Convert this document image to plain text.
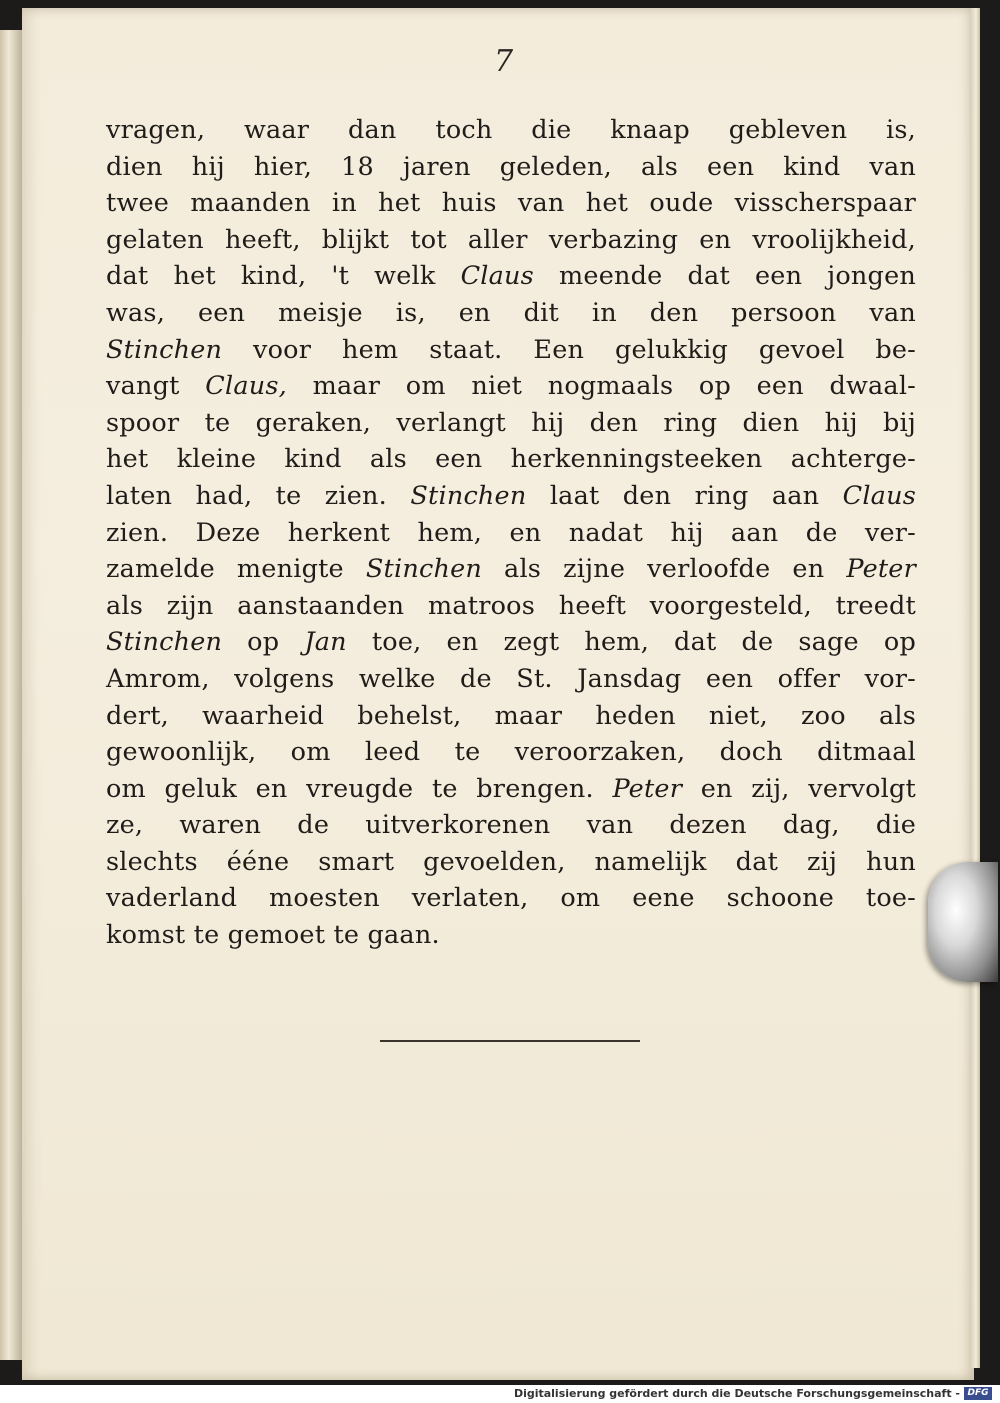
7
vragen, waar dan toch die knaap gebleven is,
dien hij hier, 18 jaren geleden, als een kind van
twee maanden in het huis van het oude visscherspaar
gelaten heeft, blijkt tot aller verbazing en vroolijkheid,
dat het kind, 't welk Claus meende dat een jongen
was, een meisje is, en dit in den persoon van
Stinchen voor hem staat. Een gelukkig gevoel be-
vangt Claus, maar om niet nogmaals op een dwaal-
spoor te geraken, verlangt hij den ring dien hij bij
het kleine kind als een herkenningsteeken achterge-
laten had, te zien. Stinchen laat den ring aan Claus
zien. Deze herkent hem, en nadat hij aan de ver-
zamelde menigte Stinchen als zijne verloofde en Peter
als zijn aanstaanden matroos heeft voorgesteld, treedt
Stinchen op Jan toe, en zegt hem, dat de sage op
Amrom, volgens welke de St. Jansdag een offer vor-
dert, waarheid behelst, maar heden niet, zoo als
gewoonlijk, om leed te veroorzaken, doch ditmaal
om geluk en vreugde te brengen. Peter en zij, vervolgt
ze, waren de uitverkorenen van dezen dag, die
slechts ééne smart gevoelden, namelijk dat zij hun
vaderland moesten verlaten, om eene schoone toe-
komst te gemoet te gaan.
Digitalisierung gefördert durch die Deutsche Forschungsgemeinschaft - DFG
